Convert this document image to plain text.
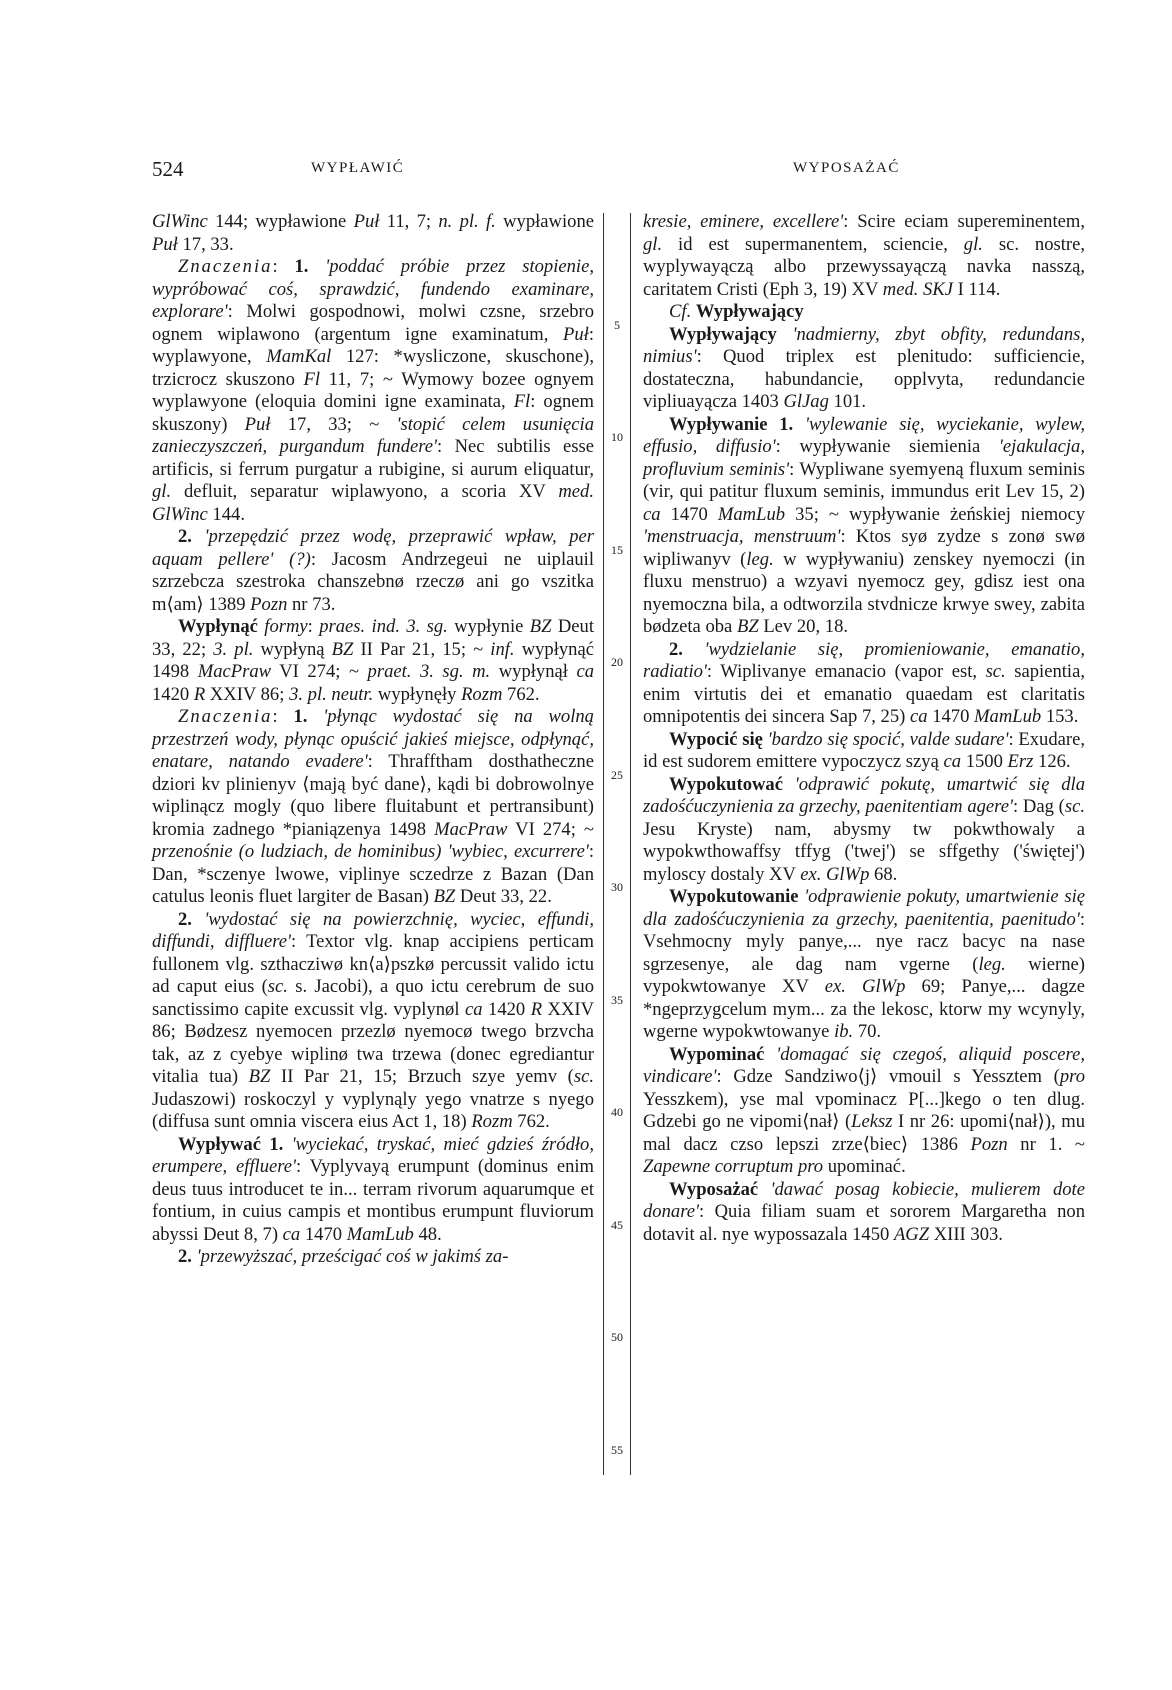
524	WYPŁAWIĆ	WYPOSAŻAĆ

GlWinc 144; wypławione Puł 11, 7; n. pl. f. wypławione Puł 17, 33.

Znaczenia: 1. 'poddać próbie przez stopienie, wypróbować coś, sprawdzić, fundendo examinare, explorare': Molwi gospodnowi, molwi czsne, srzebro ognem wiplawono (argentum igne examinatum, Puł: wyplawyone, MamKal 127: *wysliczone, skuschone), trzicrocz skuszono Fl 11, 7; ~ Wymowy bozee ognyem wyplawyone (eloquia domini igne examinata, Fl: ognem skuszony) Puł 17, 33; ~ 'stopić celem usunięcia zanieczyszczeń, purgandum fundere': Nec subtilis esse artificis, si ferrum purgatur a rubigine, si aurum eliquatur, gl. defluit, separatur wiplawyono, a scoria XV med. GlWinc 144.

2. 'przepędzić przez wodę, przeprawić wpław, per aquam pellere' (?): Jacosm Andrzegeui ne uiplauil szrzebcza szestroka chanszebnø rzeczø ani go vszitka m⟨am⟩ 1389 Pozn nr 73.

Wypłynąć formy: praes. ind. 3. sg. wypłynie BZ Deut 33, 22; 3. pl. wypłyną BZ II Par 21, 15; ~ inf. wypłynąć 1498 MacPraw VI 274; ~ praet. 3. sg. m. wypłynął ca 1420 R XXIV 86; 3. pl. neutr. wypłynęły Rozm 762.

Znaczenia: 1. 'płynąc wydostać się na wolną przestrzeń wody, płynąc opuścić jakieś miejsce, odpłynąć, enatare, natando evadere': Thrafftham dosthatheczne dziori kv plinienyv ⟨mają być dane⟩, kądi bi dobrowolnye wiplinącz mogly (quo libere fluitabunt et pertransibunt) kromia zadnego *pianiązenya 1498 MacPraw VI 274; ~ przenośnie (o ludziach, de hominibus) 'wybiec, excurrere': Dan, *sczenye lwowe, viplinye sczedrze z Bazan (Dan catulus leonis fluet largiter de Basan) BZ Deut 33, 22.

2. 'wydostać się na powierzchnię, wyciec, effundi, diffundi, diffluere': Textor vlg. knap accipiens perticam fullonem vlg. szthacziwø kn⟨a⟩pszkø percussit valido ictu ad caput eius (sc. s. Jacobi), a quo ictu cerebrum de suo sanctissimo capite excussit vlg. vyplynøl ca 1420 R XXIV 86; Bødzesz nyemocen przezlø nyemocø twego brzvcha tak, az z cyebye wiplinø twa trzewa (donec egrediantur vitalia tua) BZ II Par 21, 15; Brzuch szye yemv (sc. Judaszowi) roskoczyl y vyplynąly yego vnatrze s nyego (diffusa sunt omnia viscera eius Act 1, 18) Rozm 762.

Wypływać 1. 'wyciekać, tryskać, mieć gdzieś źródło, erumpere, effluere': Vyplyvayą erumpunt (dominus enim deus tuus introducet te in... terram rivorum aquarumque et fontium, in cuius campis et montibus erumpunt fluviorum abyssi Deut 8, 7) ca 1470 MamLub 48.

2. 'przewyższać, prześcigać coś w jakimś za-

5
10
15
20
25
30
35
40
45
50
55

kresie, eminere, excellere': Scire eciam supereminentem, gl. id est supermanentem, sciencie, gl. sc. nostre, wyplywayączą albo przewyssayączą navka nasszą, caritatem Cristi (Eph 3, 19) XV med. SKJ I 114.

Cf. Wypływający

Wypływający 'nadmierny, zbyt obfity, redundans, nimius': Quod triplex est plenitudo: sufficiencie, dostateczna, habundancie, opplvyta, redundancie vipliuayącza 1403 GlJag 101.

Wypływanie 1. 'wylewanie się, wyciekanie, wylew, effusio, diffusio': wypływanie siemienia 'ejakulacja, profluvium seminis': Wypliwane syemyeną fluxum seminis (vir, qui patitur fluxum seminis, immundus erit Lev 15, 2) ca 1470 MamLub 35; ~ wypływanie żeńskiej niemocy 'menstruacja, menstruum': Ktos syø zydze s zonø swø wipliwanyv (leg. w wypływaniu) zenskey nyemoczi (in fluxu menstruo) a wzyavi nyemocz gey, gdisz iest ona nyemoczna bila, a odtworzila stvdnicze krwye swey, zabita bødzeta oba BZ Lev 20, 18.

2. 'wydzielanie się, promieniowanie, emanatio, radiatio': Wiplivanye emanacio (vapor est, sc. sapientia, enim virtutis dei et emanatio quaedam est claritatis omnipotentis dei sincera Sap 7, 25) ca 1470 MamLub 153.

Wypocić się 'bardzo się spocić, valde sudare': Exudare, id est sudorem emittere vypoczycz szyą ca 1500 Erz 126.

Wypokutować 'odprawić pokutę, umartwić się dla zadośćuczynienia za grzechy, paenitentiam agere': Dag (sc. Jesu Kryste) nam, abysmy tw pokwthowaly a wypokwthowaffsy tffyg ('twej') se sffgethy ('świętej') myloscy dostaly XV ex. GlWp 68.

Wypokutowanie 'odprawienie pokuty, umartwienie się dla zadośćuczynienia za grzechy, paenitentia, paenitudo': Vsehmocny myly panye,... nye racz bacyc na nase sgrzesenye, ale dag nam vgerne (leg. wierne) vypokwtowanye XV ex. GlWp 69; Panye,... dagze *ngeprzygcelum mym... za the lekosc, ktorw my wcynyly, wgerne wypokwtowanye ib. 70.

Wypominać 'domagać się czegoś, aliquid poscere, vindicare': Gdze Sandziwo⟨j⟩ vmouil s Yessztem (pro Yesszkem), yse mal vpominacz P[...]kego o ten dlug. Gdzebi go ne vipomi⟨nał⟩ (Leksz I nr 26: upomi⟨nał⟩), mu mal dacz czso lepszi zrze⟨biec⟩ 1386 Pozn nr 1. ~ Zapewne corruptum pro upominać.

Wyposażać 'dawać posag kobiecie, mulierem dote donare': Quia filiam suam et sororem Margaretha non dotavit al. nye wypossazala 1450 AGZ XIII 303.
